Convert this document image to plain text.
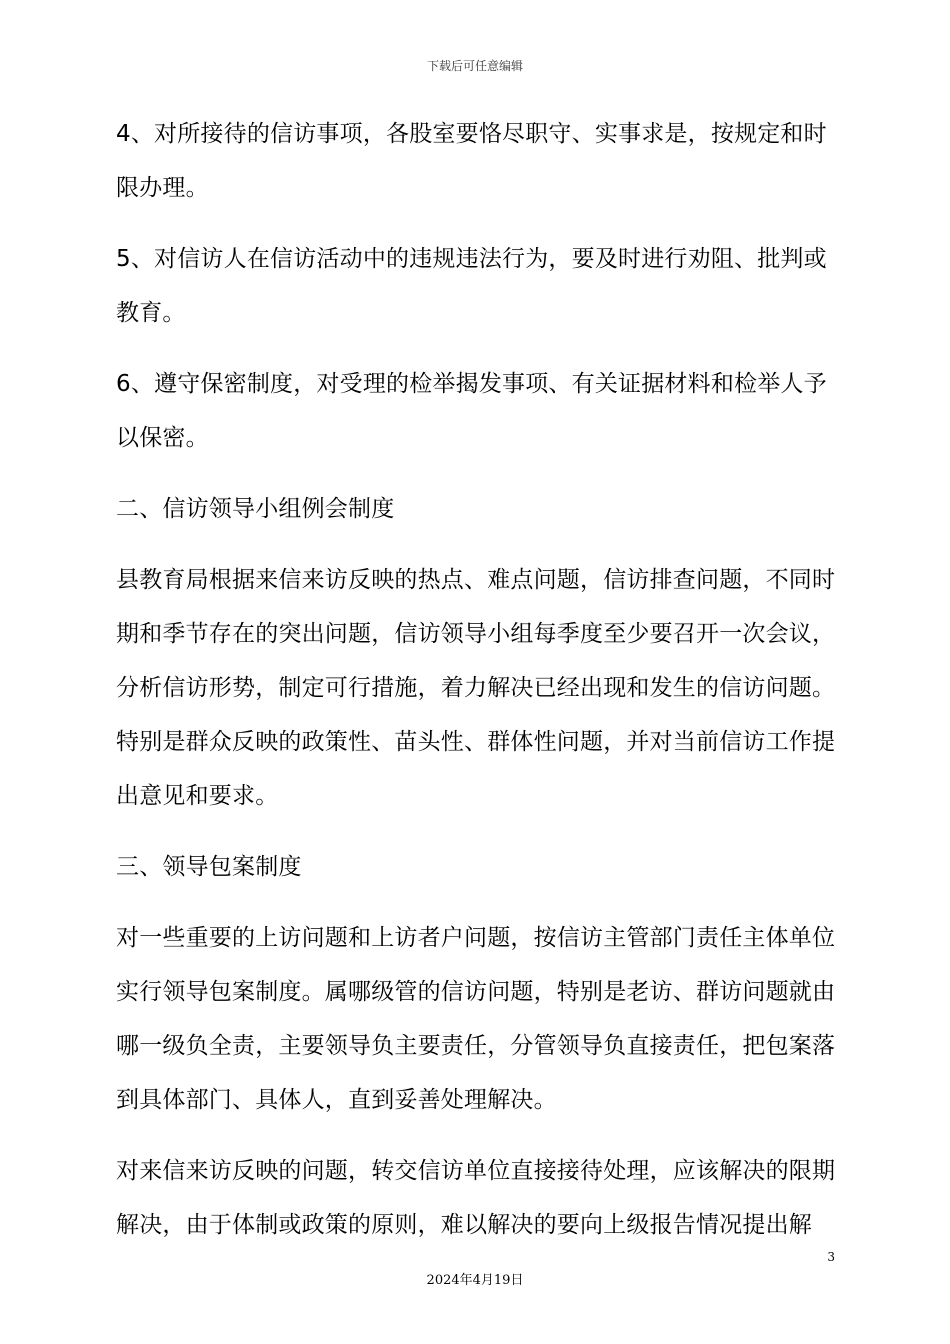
下载后可任意编辑

4、对所接待的信访事项，各股室要恪尽职守、实事求是，按规定和时限办理。

5、对信访人在信访活动中的违规违法行为，要及时进行劝阻、批判或教育。

6、遵守保密制度，对受理的检举揭发事项、有关证据材料和检举人予以保密。

二、信访领导小组例会制度

县教育局根据来信来访反映的热点、难点问题，信访排查问题，不同时期和季节存在的突出问题，信访领导小组每季度至少要召开一次会议，分析信访形势，制定可行措施，着力解决已经出现和发生的信访问题。特别是群众反映的政策性、苗头性、群体性问题，并对当前信访工作提出意见和要求。

三、领导包案制度

对一些重要的上访问题和上访者户问题，按信访主管部门责任主体单位实行领导包案制度。属哪级管的信访问题，特别是老访、群访问题就由哪一级负全责，主要领导负主要责任，分管领导负直接责任，把包案落到具体部门、具体人，直到妥善处理解决。

对来信来访反映的问题，转交信访单位直接接待处理，应该解决的限期解决，由于体制或政策的原则，难以解决的要向上级报告情况提出解

3
2024年4月19日
